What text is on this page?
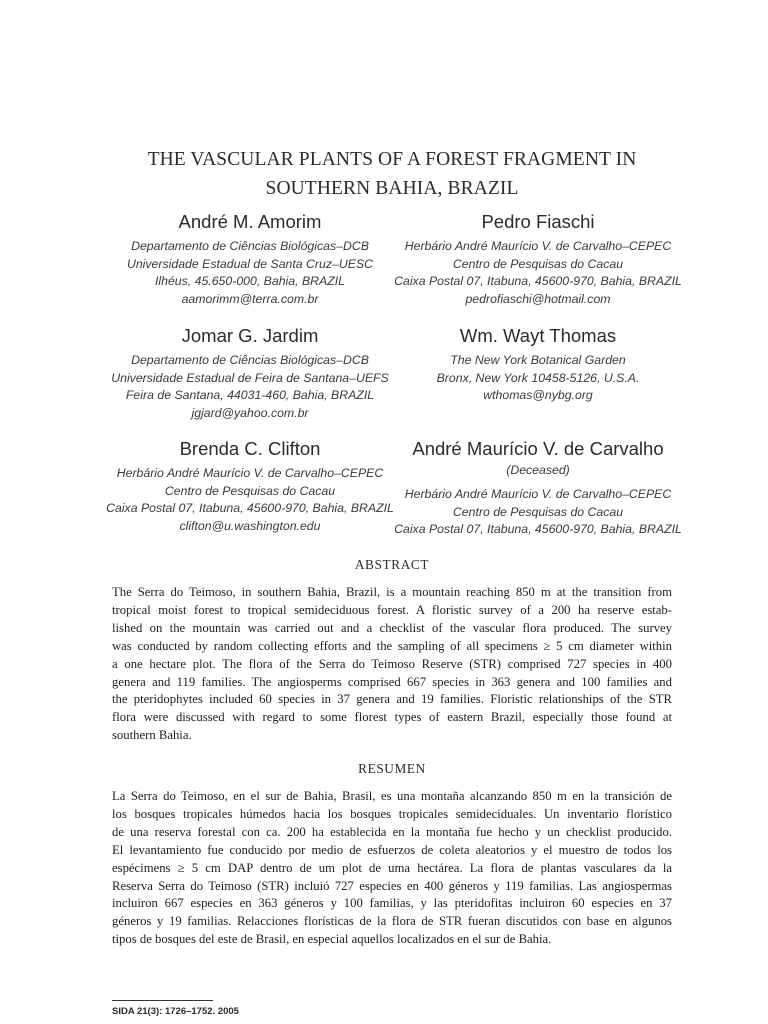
THE VASCULAR PLANTS OF A FOREST FRAGMENT IN
SOUTHERN BAHIA, BRAZIL
André M. Amorim
Departamento de Ciências Biológicas–DCB
Universidade Estadual de Santa Cruz–UESC
Ilhéus, 45.650-000, Bahia, BRAZIL
aamorimm@terra.com.br
Pedro Fiaschi
Herbário André Maurício V. de Carvalho–CEPEC
Centro de Pesquisas do Cacau
Caixa Postal 07, Itabuna, 45600-970, Bahia, BRAZIL
pedrofiaschi@hotmail.com
Jomar G. Jardim
Departamento de Ciências Biológicas–DCB
Universidade Estadual de Feira de Santana–UEFS
Feira de Santana, 44031-460, Bahia, BRAZIL
jgjard@yahoo.com.br
Wm. Wayt Thomas
The New York Botanical Garden
Bronx, New York 10458-5126, U.S.A.
wthomas@nybg.org
Brenda C. Clifton
Herbário André Maurício V. de Carvalho–CEPEC
Centro de Pesquisas do Cacau
Caixa Postal 07, Itabuna, 45600-970, Bahia, BRAZIL
clifton@u.washington.edu
André Maurício V. de Carvalho
(Deceased)
Herbário André Maurício V. de Carvalho–CEPEC
Centro de Pesquisas do Cacau
Caixa Postal 07, Itabuna, 45600-970, Bahia, BRAZIL
ABSTRACT
The Serra do Teimoso, in southern Bahia, Brazil, is a mountain reaching 850 m at the transition from
tropical moist forest to tropical semideciduous forest. A floristic survey of a 200 ha reserve estab-
lished on the mountain was carried out and a checklist of the vascular flora produced. The survey
was conducted by random collecting efforts and the sampling of all specimens ≥ 5 cm diameter within
a one hectare plot. The flora of the Serra do Teimoso Reserve (STR) comprised 727 species in 400
genera and 119 families. The angiosperms comprised 667 species in 363 genera and 100 families and
the pteridophytes included 60 species in 37 genera and 19 families. Floristic relationships of the STR
flora were discussed with regard to some florest types of eastern Brazil, especially those found at
southern Bahia.
RESUMEN
La Serra do Teimoso, en el sur de Bahia, Brasil, es una montaña alcanzando 850 m en la transición de
los bosques tropicales húmedos hacia los bosques tropicales semideciduales. Un inventario florístico
de una reserva forestal con ca. 200 ha establecida en la montaña fue hecho y un checklist producido.
El levantamiento fue conducido por medio de esfuerzos de coleta aleatorios y el muestro de todos los
espécimens ≥ 5 cm DAP dentro de um plot de uma hectárea. La flora de plantas vasculares da la
Reserva Serra do Teimoso (STR) incluió 727 especies en 400 géneros y 119 familias. Las angiospermas
incluiron 667 especies en 363 géneros y 100 familias, y las pteridofitas incluiron 60 especies en 37
géneros y 19 familias. Relacciones florísticas de la flora de STR fueran discutidos con base en algunos
tipos de bosques del este de Brasil, en especial aquellos localizados en el sur de Bahia.
SIDA 21(3): 1726–1752. 2005
